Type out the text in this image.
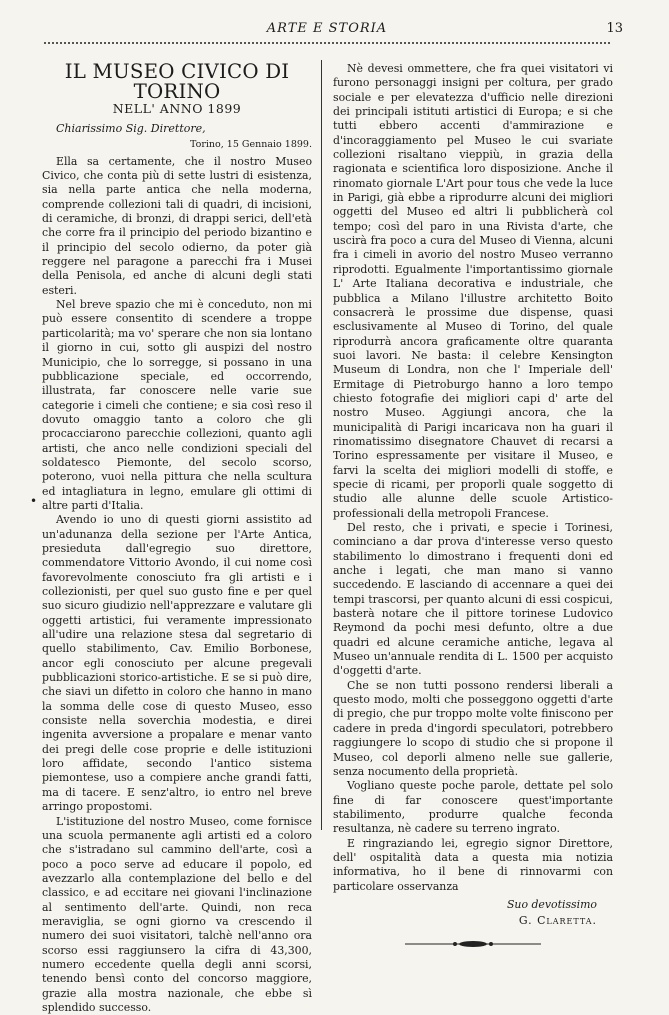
ARTE E STORIA	13
•
IL MUSEO CIVICO DI TORINO
NELL' ANNO 1899
Chiarissimo Sig. Direttore,
Torino, 15 Gennaio 1899.

Ella sa certamente, che il nostro Museo Civico, che conta più di sette lustri di esistenza, sia nella parte antica che nella moderna, comprende collezioni tali di quadri, di incisioni, di ceramiche, di bronzi, di drappi serici, dell'età che corre fra il principio del periodo bizantino e il principio del secolo odierno, da poter già reggere nel paragone a parecchi fra i Musei della Penisola, ed anche di alcuni degli stati esteri.

Nel breve spazio che mi è conceduto, non mi può essere consentito di scendere a troppe particolarità; ma vo' sperare che non sia lontano il giorno in cui, sotto gli auspizi del nostro Municipio, che lo sorregge, si possano in una pubblicazione speciale, ed occorrendo, illustrata, far conoscere nelle varie sue categorie i cimeli che contiene; e sia così reso il dovuto omaggio tanto a coloro che gli procacciarono parecchie collezioni, quanto agli artisti, che anco nelle condizioni speciali del soldatesco Piemonte, del secolo scorso, poterono, vuoi nella pittura che nella scultura ed intagliatura in legno, emulare gli ottimi di altre parti d'Italia.

Avendo io uno di questi giorni assistito ad un'adunanza della sezione per l'Arte Antica, presieduta dall'egregio suo direttore, commendatore Vittorio Avondo, il cui nome così favorevolmente conosciuto fra gli artisti e i collezionisti, per quel suo gusto fine e per quel suo sicuro giudizio nell'apprezzare e valutare gli oggetti artistici, fui veramente impressionato all'udire una relazione stesa dal segretario di quello stabilimento, Cav. Emilio Borbonese, ancor egli conosciuto per alcune pregevali pubblicazioni storico-artistiche. E se si può dire, che siavi un difetto in coloro che hanno in mano la somma delle cose di questo Museo, esso consiste nella soverchia modestia, e direi ingenita avversione a propalare e menar vanto dei pregi delle cose proprie e delle istituzioni loro affidate, secondo l'antico sistema piemontese, uso a compiere anche grandi fatti, ma di tacere. E senz'altro, io entro nel breve arringo propostomi.

L'istituzione del nostro Museo, come fornisce una scuola permanente agli artisti ed a coloro che s'istradano sul cammino dell'arte, così a poco a poco serve ad educare il popolo, ed avezzarlo alla contemplazione del bello e del classico, e ad eccitare nei giovani l'inclinazione al sentimento dell'arte. Quindi, non reca meraviglia, se ogni giorno va crescendo il numero dei suoi visitatori, talchè nell'anno ora scorso essi raggiunsero la cifra di 43,300, numero eccedente quella degli anni scorsi, tenendo bensì conto del concorso maggiore, grazie alla mostra nazionale, che ebbe sì splendido successo.

Nè devesi ommettere, che fra quei visitatori vi furono personaggi insigni per coltura, per grado sociale e per elevatezza d'ufficio nelle direzioni dei principali istituti artistici di Europa; e si che tutti ebbero accenti d'ammirazione e d'incoraggiamento pel Museo le cui svariate collezioni risaltano vieppiù, in grazia della ragionata e scientifica loro disposizione. Anche il rinomato giornale L'Art pour tous che vede la luce in Parigi, già ebbe a riprodurre alcuni dei migliori oggetti del Museo ed altri li pubblicherà col tempo; così del paro in una Rivista d'arte, che uscirà fra poco a cura del Museo di Vienna, alcuni fra i cimeli in avorio del nostro Museo verranno riprodotti. Egualmente l'importantissimo giornale L' Arte Italiana decorativa e industriale, che pubblica a Milano l'illustre architetto Boito consacrerà le prossime due dispense, quasi esclusivamente al Museo di Torino, del quale riprodurrà ancora graficamente oltre quaranta suoi lavori. Ne basta: il celebre Kensington Museum di Londra, non che l' Imperiale dell' Ermitage di Pietroburgo hanno a loro tempo chiesto fotografie dei migliori capi d' arte del nostro Museo. Aggiungi ancora, che la municipalità di Parigi incaricava non ha guari il rinomatissimo disegnatore Chauvet di recarsi a Torino espressamente per visitare il Museo, e farvi la scelta dei migliori modelli di stoffe, e specie di ricami, per proporli quale soggetto di studio alle alunne delle scuole Artistico-professionali della metropoli Francese.

Del resto, che i privati, e specie i Torinesi, cominciano a dar prova d'interesse verso questo stabilimento lo dimostrano i frequenti doni ed anche i legati, che man mano si vanno succedendo. E lasciando di accennare a quei dei tempi trascorsi, per quanto alcuni di essi cospicui, basterà notare che il pittore torinese Ludovico Reymond da pochi mesi defunto, oltre a due quadri ed alcune ceramiche antiche, legava al Museo un'annuale rendita di L. 1500 per acquisto d'oggetti d'arte.

Che se non tutti possono rendersi liberali a questo modo, molti che posseggono oggetti d'arte di pregio, che pur troppo molte volte finiscono per cadere in preda d'ingordi speculatori, potrebbero raggiungere lo scopo di studio che si propone il Museo, col deporli almeno nelle sue gallerie, senza nocumento della proprietà.

Vogliano queste poche parole, dettate pel solo fine di far conoscere quest'importante stabilimento, produrre qualche feconda resultanza, nè cadere su terreno ingrato.

E ringraziando lei, egregio signor Direttore, dell' ospitalità data a questa mia notizia informativa, ho il bene di rinnovarmi con particolare osservanza

Suo devotissimo
G. Claretta.
